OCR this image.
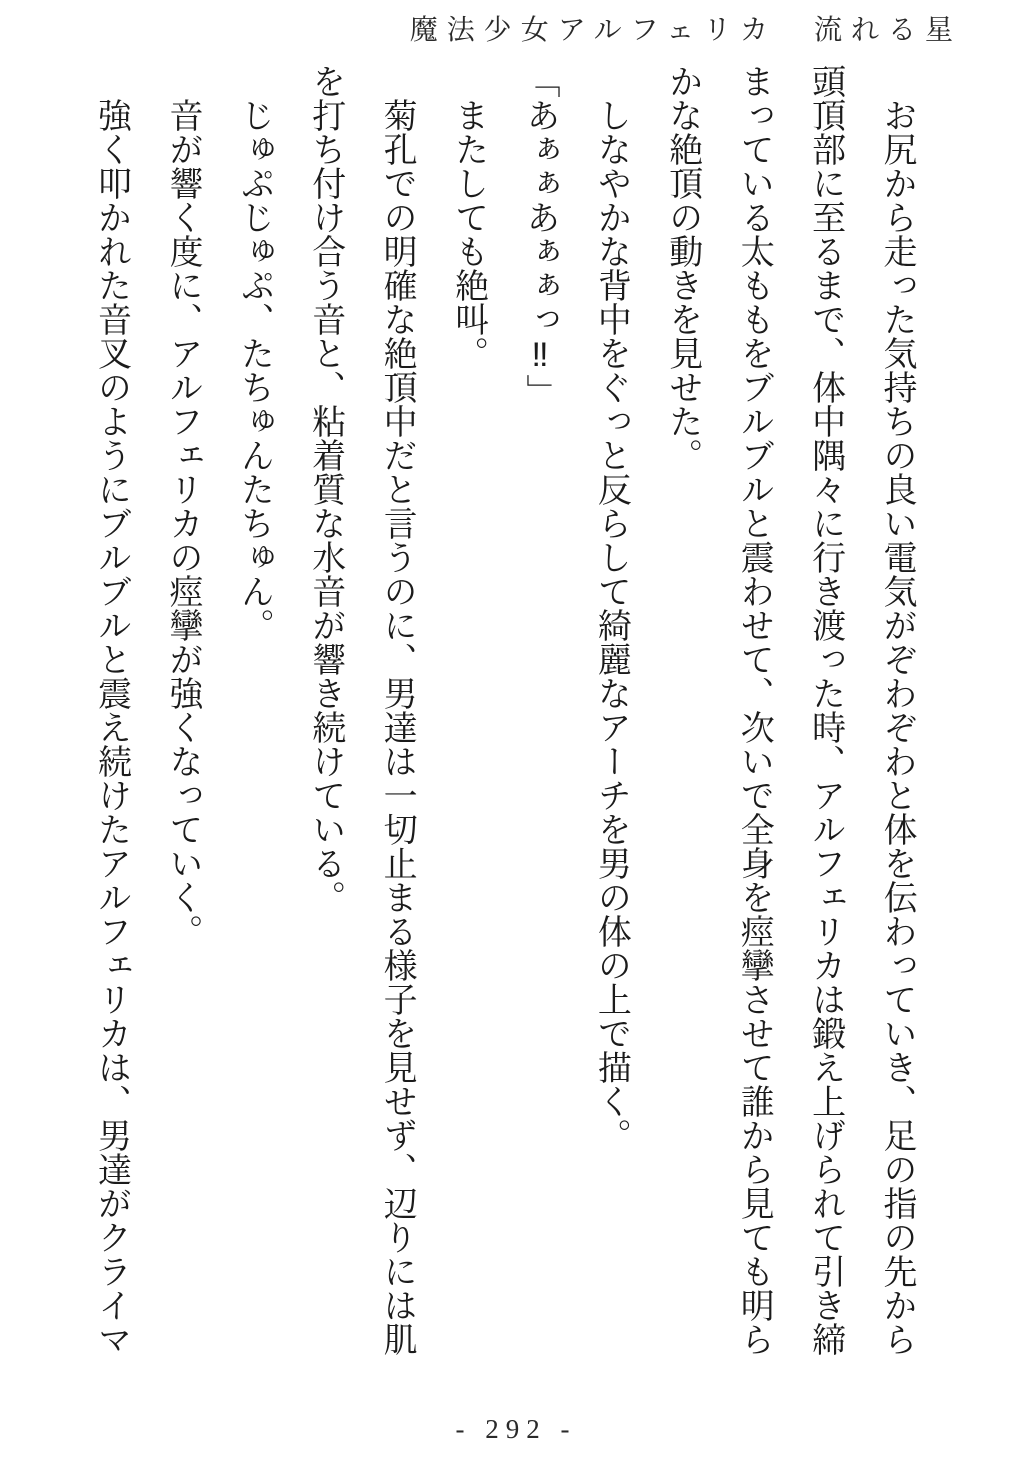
魔法少女アルフェリカ　流れる星

お尻から走った気持ちの良い電気がぞわぞわと体を伝わっていき、足の指の先から頭頂部に至るまで、体中隅々に行き渡った時、アルフェリカは鍛え上げられて引き締まっている太ももをブルブルと震わせて、次いで全身を痙攣させて誰から見ても明らかな絶頂の動きを見せた。

しなやかな背中をぐっと反らして綺麗なアーチを男の体の上で描く。

「あぁぁあぁぁっ‼」

またしても絶叫。

菊孔での明確な絶頂中だと言うのに、男達は一切止まる様子を見せず、辺りには肌を打ち付け合う音と、粘着質な水音が響き続けている。

じゅぷじゅぷ、たちゅんたちゅん。

音が響く度に、アルフェリカの痙攣が強くなっていく。

強く叩かれた音叉のようにブルブルと震え続けたアルフェリカは、男達がクライマ

- 292 -
